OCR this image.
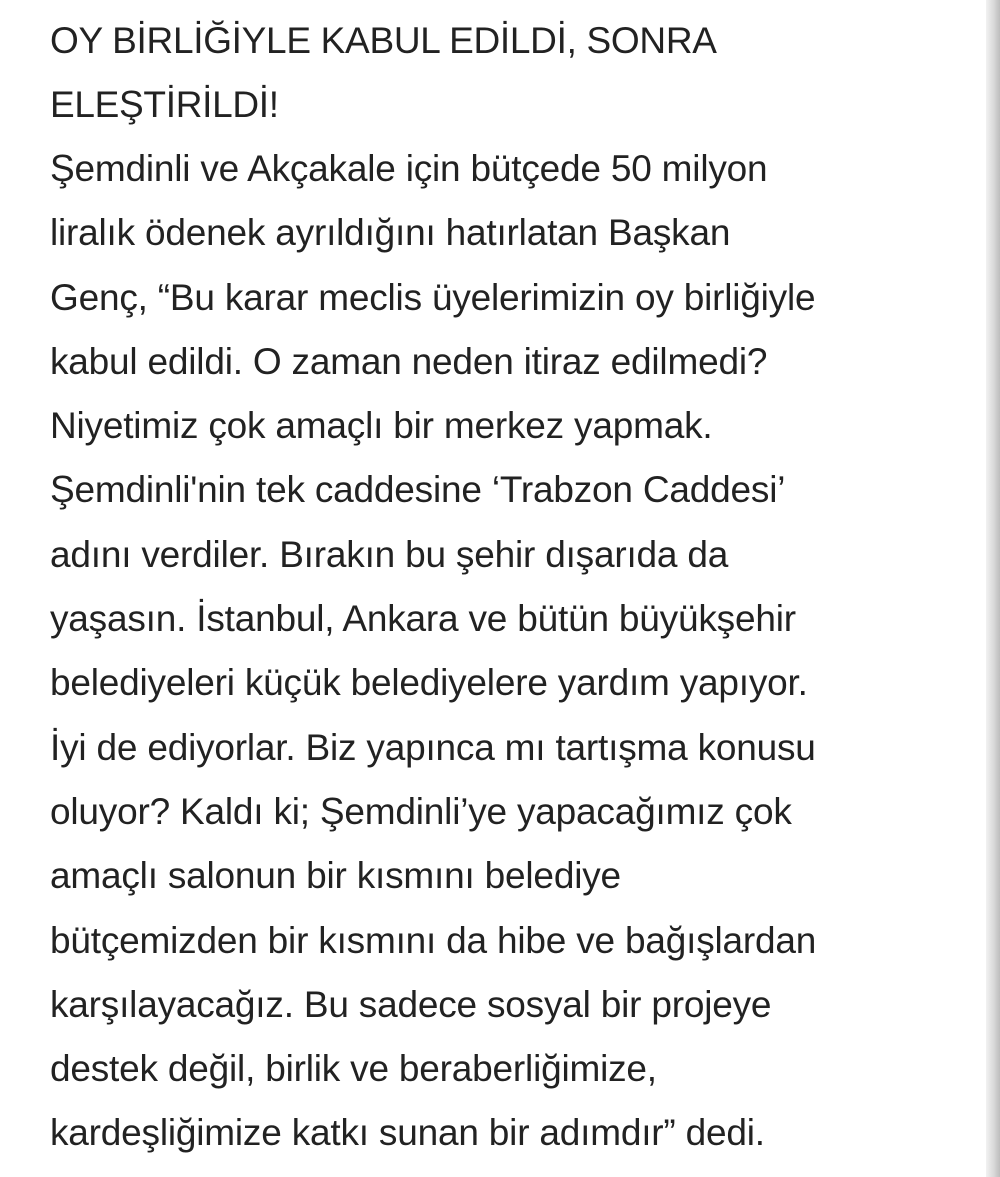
OY BİRLİĞİYLE KABUL EDİLDİ, SONRA
ELEŞTİRİLDİ!

Şemdinli ve Akçakale için bütçede 50 milyon
liralık ödenek ayrıldığını hatırlatan Başkan
Genç, “Bu karar meclis üyelerimizin oy birliğiyle
kabul edildi. O zaman neden itiraz edilmedi?
Niyetimiz çok amaçlı bir merkez yapmak.
Şemdinli'nin tek caddesine ‘Trabzon Caddesi’
adını verdiler. Bırakın bu şehir dışarıda da
yaşasın. İstanbul, Ankara ve bütün büyükşehir
belediyeleri küçük belediyelere yardım yapıyor.
İyi de ediyorlar. Biz yapınca mı tartışma konusu
oluyor? Kaldı ki; Şemdinli’ye yapacağımız çok
amaçlı salonun bir kısmını belediye
bütçemizden bir kısmını da hibe ve bağışlardan
karşılayacağız. Bu sadece sosyal bir projeye
destek değil, birlik ve beraberliğimize,
kardeşliğimize katkı sunan bir adımdır” dedi.
